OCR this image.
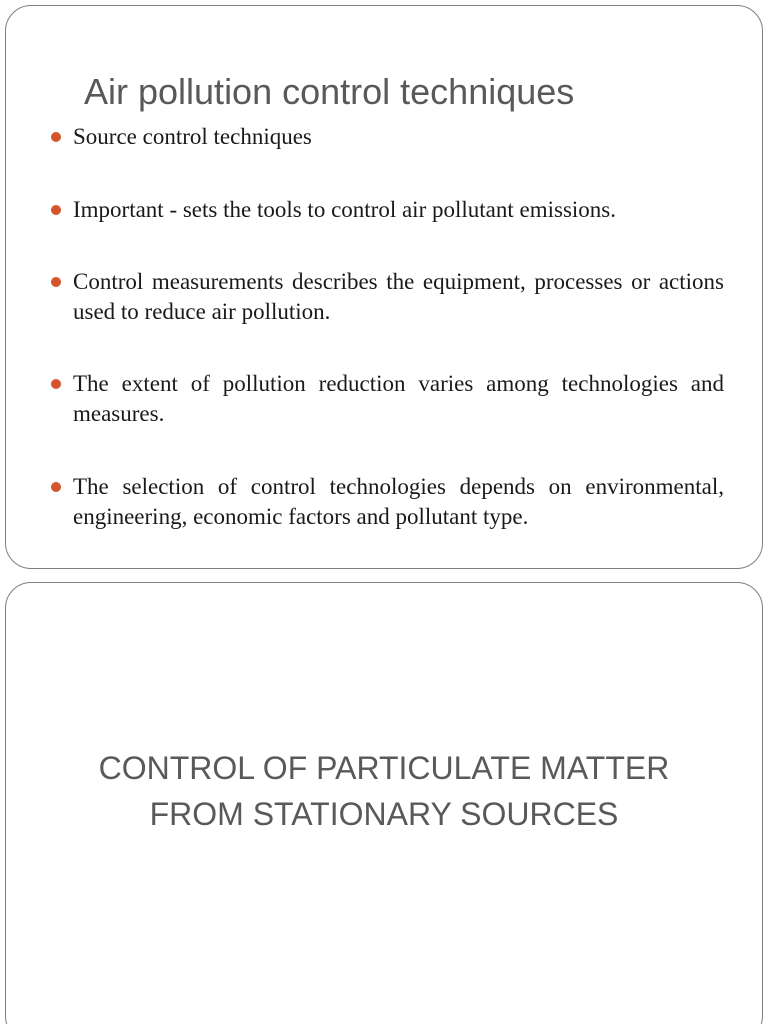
Air pollution control techniques
Source control techniques
Important - sets the tools to control air pollutant emissions.
Control measurements describes the equipment, processes or actions used to reduce air pollution.
The extent of pollution reduction varies among technologies and measures.
The selection of control technologies depends on environmental, engineering, economic factors and pollutant type.
CONTROL OF PARTICULATE MATTER
FROM STATIONARY SOURCES
